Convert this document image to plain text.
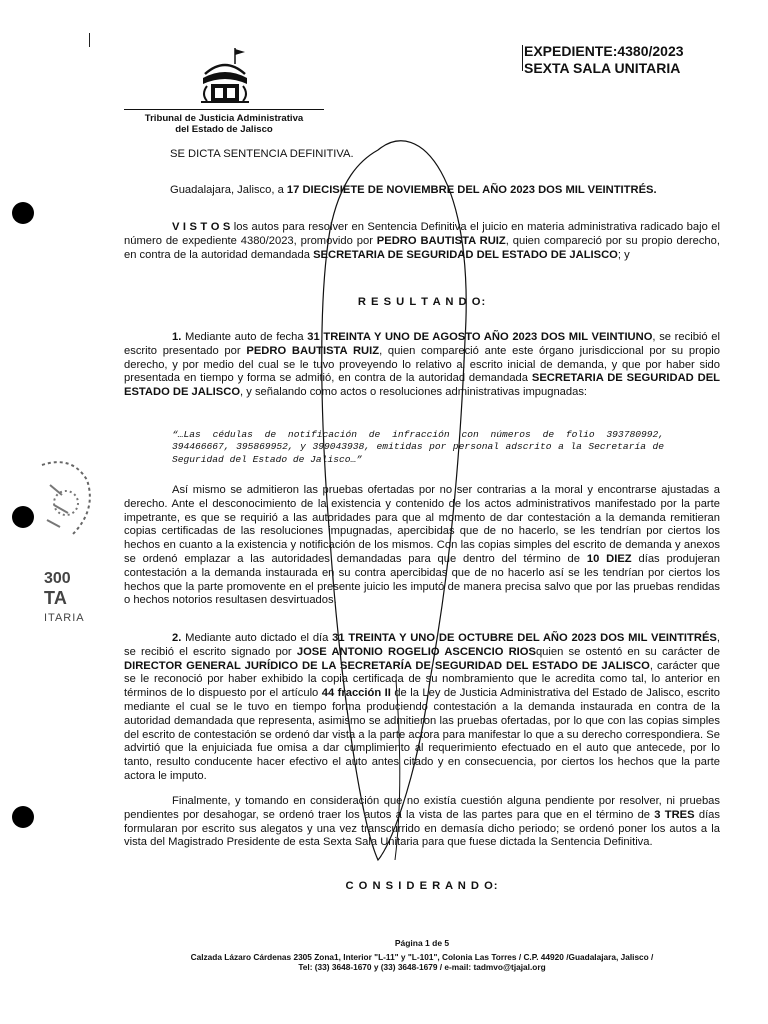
300
ТА
ITARIA
EXPEDIENTE:4380/2023
SEXTA SALA UNITARIA
Tribunal de Justicia Administrativa
del Estado de Jalisco
SE DICTA SENTENCIA DEFINITIVA.
Guadalajara, Jalisco, a 17 DIECISIETE DE NOVIEMBRE DEL AÑO 2023 DOS MIL VEINTITRÉS.
V I S T O S los autos para resolver en Sentencia Definitiva el juicio en materia administrativa radicado bajo el número de expediente 4380/2023, promovido por PEDRO BAUTISTA RUIZ, quien compareció por su propio derecho, en contra de la autoridad demandada SECRETARIA DE SEGURIDAD DEL ESTADO DE JALISCO; y
R E S U L T A N D O:
1. Mediante auto de fecha 31 TREINTA Y UNO DE AGOSTO AÑO 2023 DOS MIL VEINTIUNO, se recibió el escrito presentado por PEDRO BAUTISTA RUIZ, quien compareció ante este órgano jurisdiccional por su propio derecho, y por medio del cual se le tuvo proveyendo lo relativo al escrito inicial de demanda, y que por haber sido presentada en tiempo y forma se admitió, en contra de la autoridad demandada SECRETARIA DE SEGURIDAD DEL ESTADO DE JALISCO, y señalando como actos o resoluciones administrativas impugnadas:
“…Las cédulas de notificación de infracción con números de folio 393780992, 394466667, 395869952, y 399043938, emitidas por personal adscrito a la Secretaría de Seguridad del Estado de Jalisco…”
Así mismo se admitieron las pruebas ofertadas por no ser contrarias a la moral y encontrarse ajustadas a derecho. Ante el desconocimiento de la existencia y contenido de los actos administrativos manifestado por la parte impetrante, es que se requirió a las autoridades para que al momento de dar contestación a la demanda remitieran copias certificadas de las resoluciones impugnadas, apercibidas que de no hacerlo, se les tendrían por ciertos los hechos en cuanto a la existencia y notificación de los mismos. Con las copias simples del escrito de demanda y anexos se ordenó emplazar a las autoridades demandadas para que dentro del término de 10 DIEZ días produjeran contestación a la demanda instaurada en su contra apercibidas que de no hacerlo así se les tendrían por ciertos los hechos que la parte promovente en el presente juicio les imputó de manera precisa salvo que por las pruebas rendidas o hechos notorios resultasen desvirtuados.
2. Mediante auto dictado el día 31 TREINTA Y UNO DE OCTUBRE DEL AÑO 2023 DOS MIL VEINTITRÉS, se recibió el escrito signado por JOSE ANTONIO ROGELIO ASCENCIO RIOSquien se ostentó en su carácter de DIRECTOR GENERAL JURÍDICO DE LA SECRETARÍA DE SEGURIDAD DEL ESTADO DE JALISCO, carácter que se le reconoció por haber exhibido la copia certificada de su nombramiento que le acredita como tal, lo anterior en términos de lo dispuesto por el artículo 44 fracción II de la Ley de Justicia Administrativa del Estado de Jalisco, escrito mediante el cual se le tuvo en tiempo forma produciendo contestación a la demanda instaurada en contra de la autoridad demandada que representa, asimismo se admitieron las pruebas ofertadas, por lo que con las copias simples del escrito de contestación se ordenó dar vista a la parte actora para manifestar lo que a su derecho correspondiera. Se advirtió que la enjuiciada fue omisa a dar cumplimiento al requerimiento efectuado en el auto que antecede, por lo tanto, resulto conducente hacer efectivo el auto antes citado y en consecuencia, por ciertos los hechos que la parte actora le imputo.
Finalmente, y tomando en consideración que no existía cuestión alguna pendiente por resolver, ni pruebas pendientes por desahogar, se ordenó traer los autos a la vista de las partes para que en el término de 3 TRES días formularan por escrito sus alegatos y una vez transcurrido en demasía dicho periodo; se ordenó poner los autos a la vista del Magistrado Presidente de esta Sexta Sala Unitaria para que fuese dictada la Sentencia Definitiva.
C O N S I D E R A N D O:
Página 1 de 5
Calzada Lázaro Cárdenas 2305 Zona1, Interior "L-11" y "L-101", Colonia Las Torres / C.P. 44920 /Guadalajara, Jalisco /
Tel: (33) 3648-1670 y (33) 3648-1679 / e-mail: tadmvo@tjajal.org
